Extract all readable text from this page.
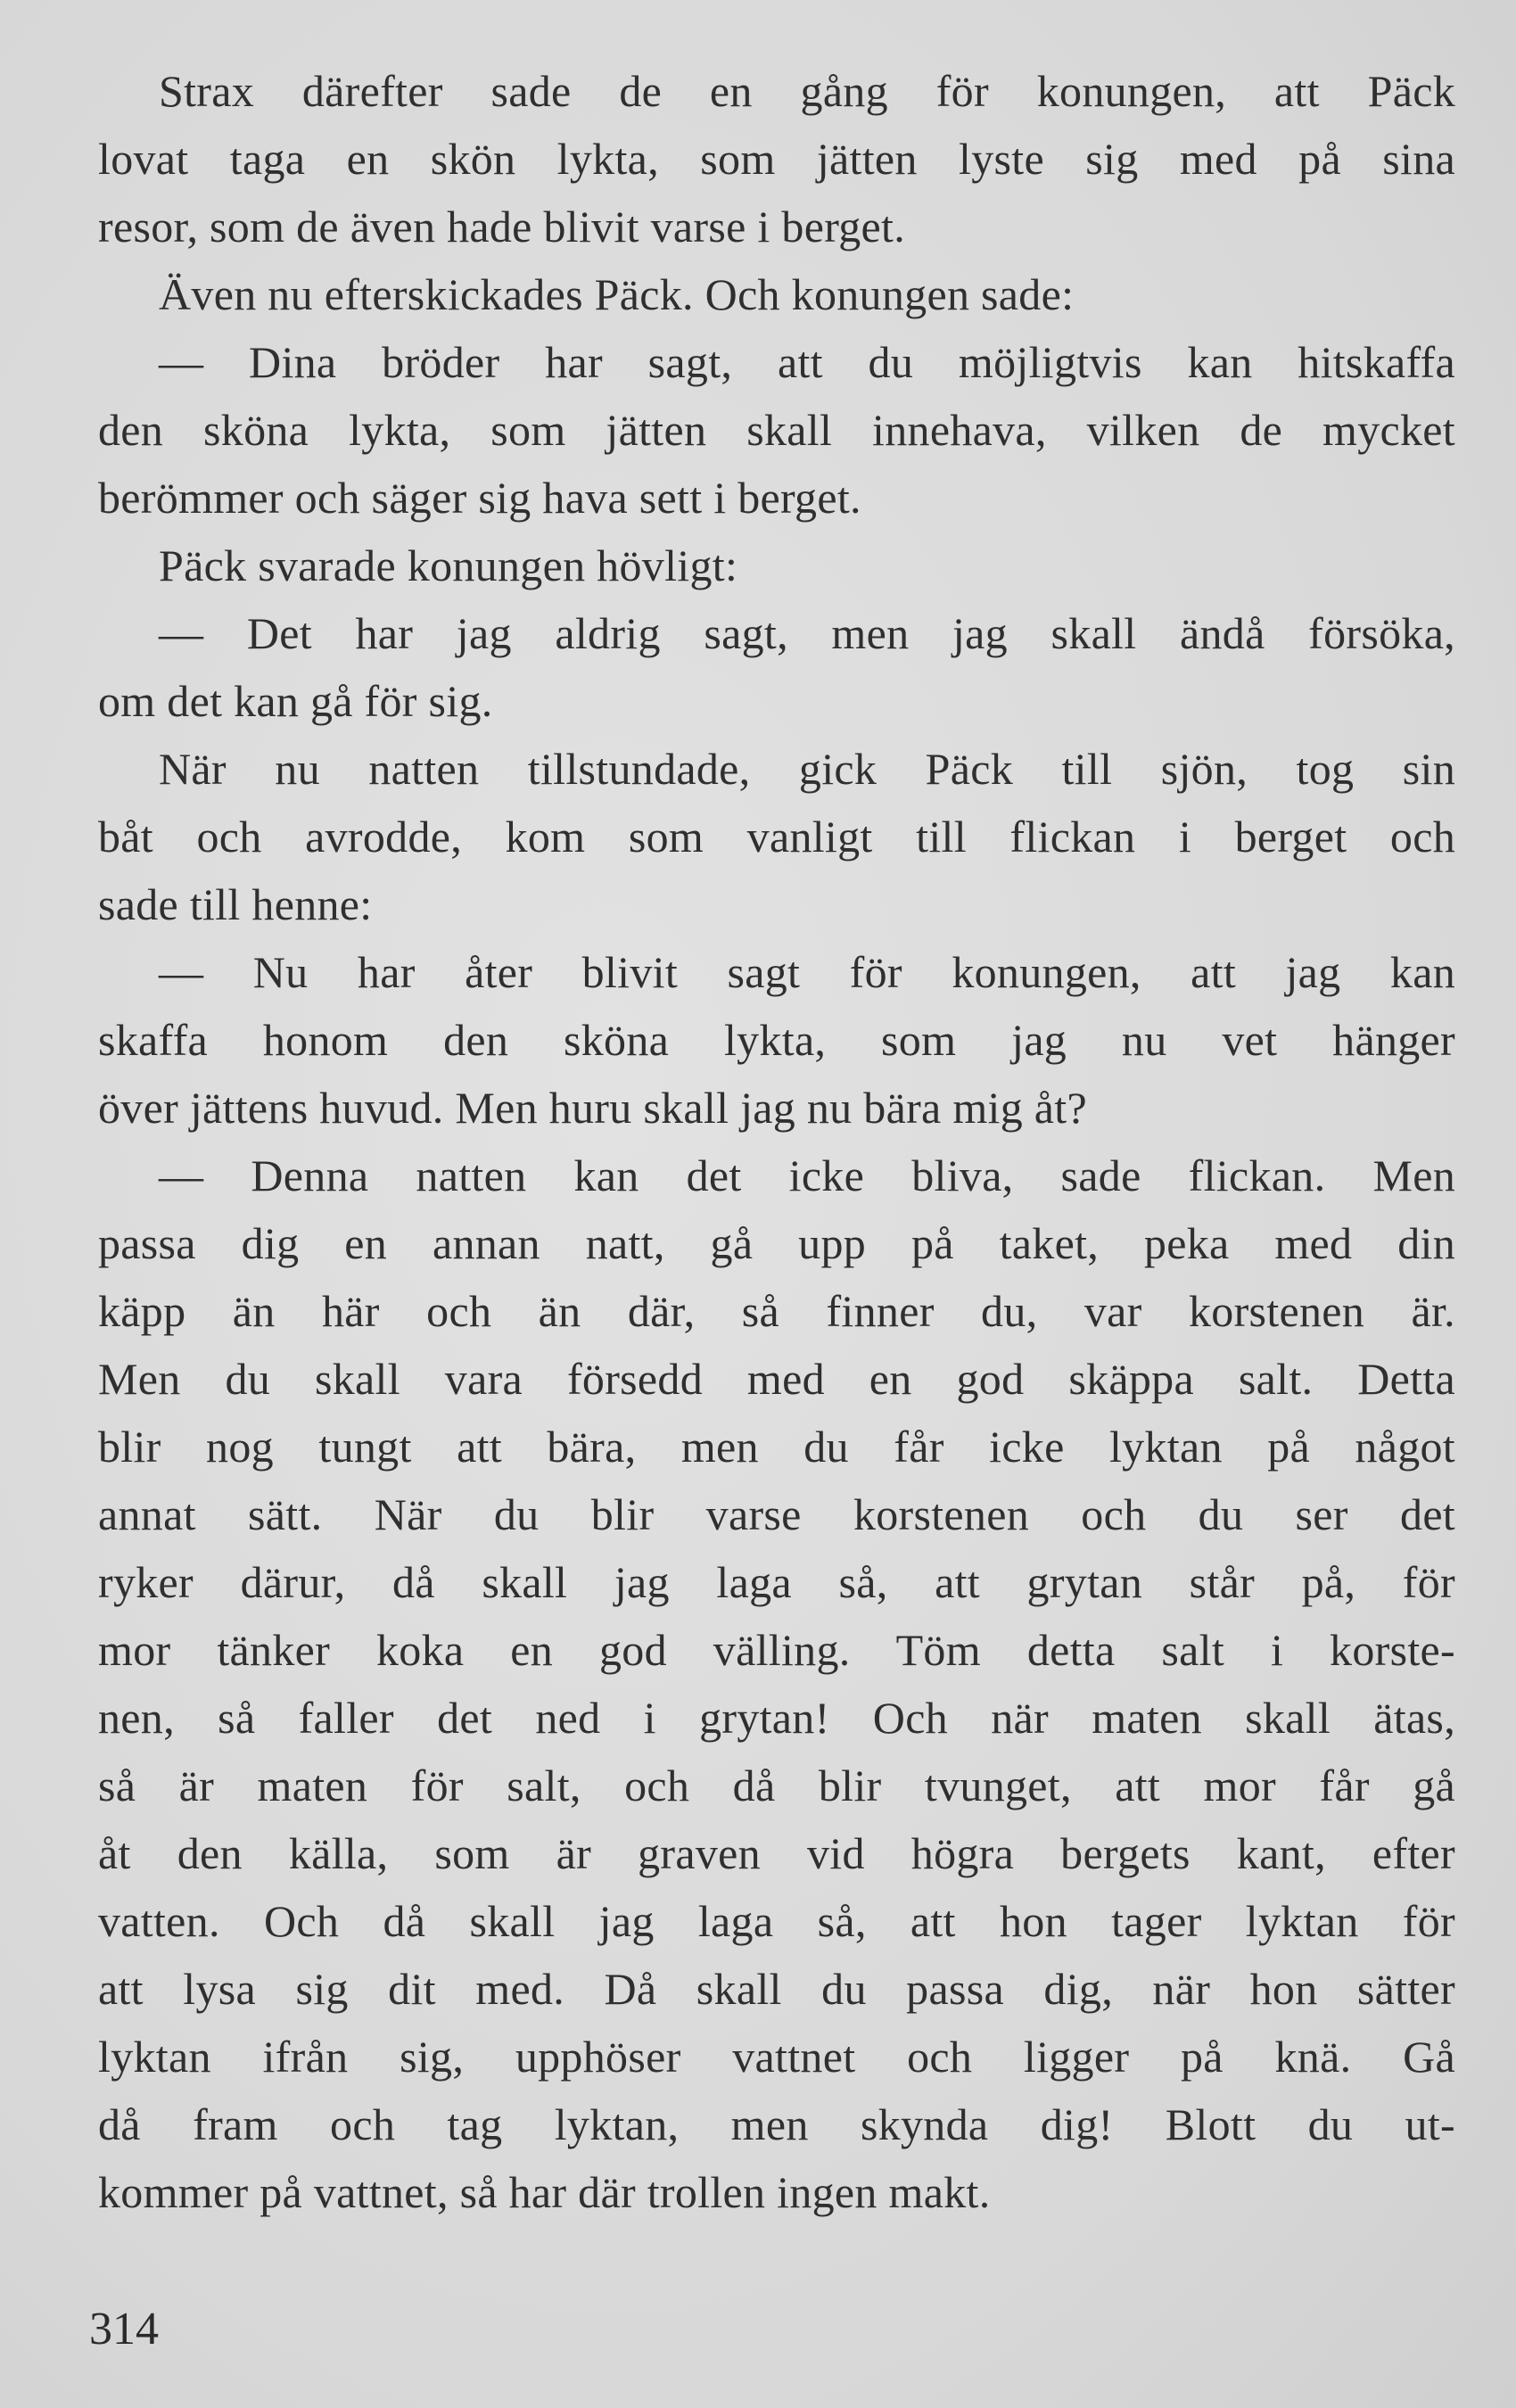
Strax därefter sade de en gång för konungen, att Päck
lovat taga en skön lykta, som jätten lyste sig med på sina
resor, som de även hade blivit varse i berget.
Även nu efterskickades Päck. Och konungen sade:
— Dina bröder har sagt, att du möjligtvis kan hitskaffa
den sköna lykta, som jätten skall innehava, vilken de mycket
berömmer och säger sig hava sett i berget.
Päck svarade konungen hövligt:
— Det har jag aldrig sagt, men jag skall ändå försöka,
om det kan gå för sig.
När nu natten tillstundade, gick Päck till sjön, tog sin
båt och avrodde, kom som vanligt till flickan i berget och
sade till henne:
— Nu har åter blivit sagt för konungen, att jag kan
skaffa honom den sköna lykta, som jag nu vet hänger
över jättens huvud. Men huru skall jag nu bära mig åt?
— Denna natten kan det icke bliva, sade flickan. Men
passa dig en annan natt, gå upp på taket, peka med din
käpp än här och än där, så finner du, var korstenen är.
Men du skall vara försedd med en god skäppa salt. Detta
blir nog tungt att bära, men du får icke lyktan på något
annat sätt. När du blir varse korstenen och du ser det
ryker därur, då skall jag laga så, att grytan står på, för
mor tänker koka en god välling. Töm detta salt i korste-
nen, så faller det ned i grytan! Och när maten skall ätas,
så är maten för salt, och då blir tvunget, att mor får gå
åt den källa, som är graven vid högra bergets kant, efter
vatten. Och då skall jag laga så, att hon tager lyktan för
att lysa sig dit med. Då skall du passa dig, när hon sätter
lyktan ifrån sig, upphöser vattnet och ligger på knä. Gå
då fram och tag lyktan, men skynda dig! Blott du ut-
kommer på vattnet, så har där trollen ingen makt.
314
